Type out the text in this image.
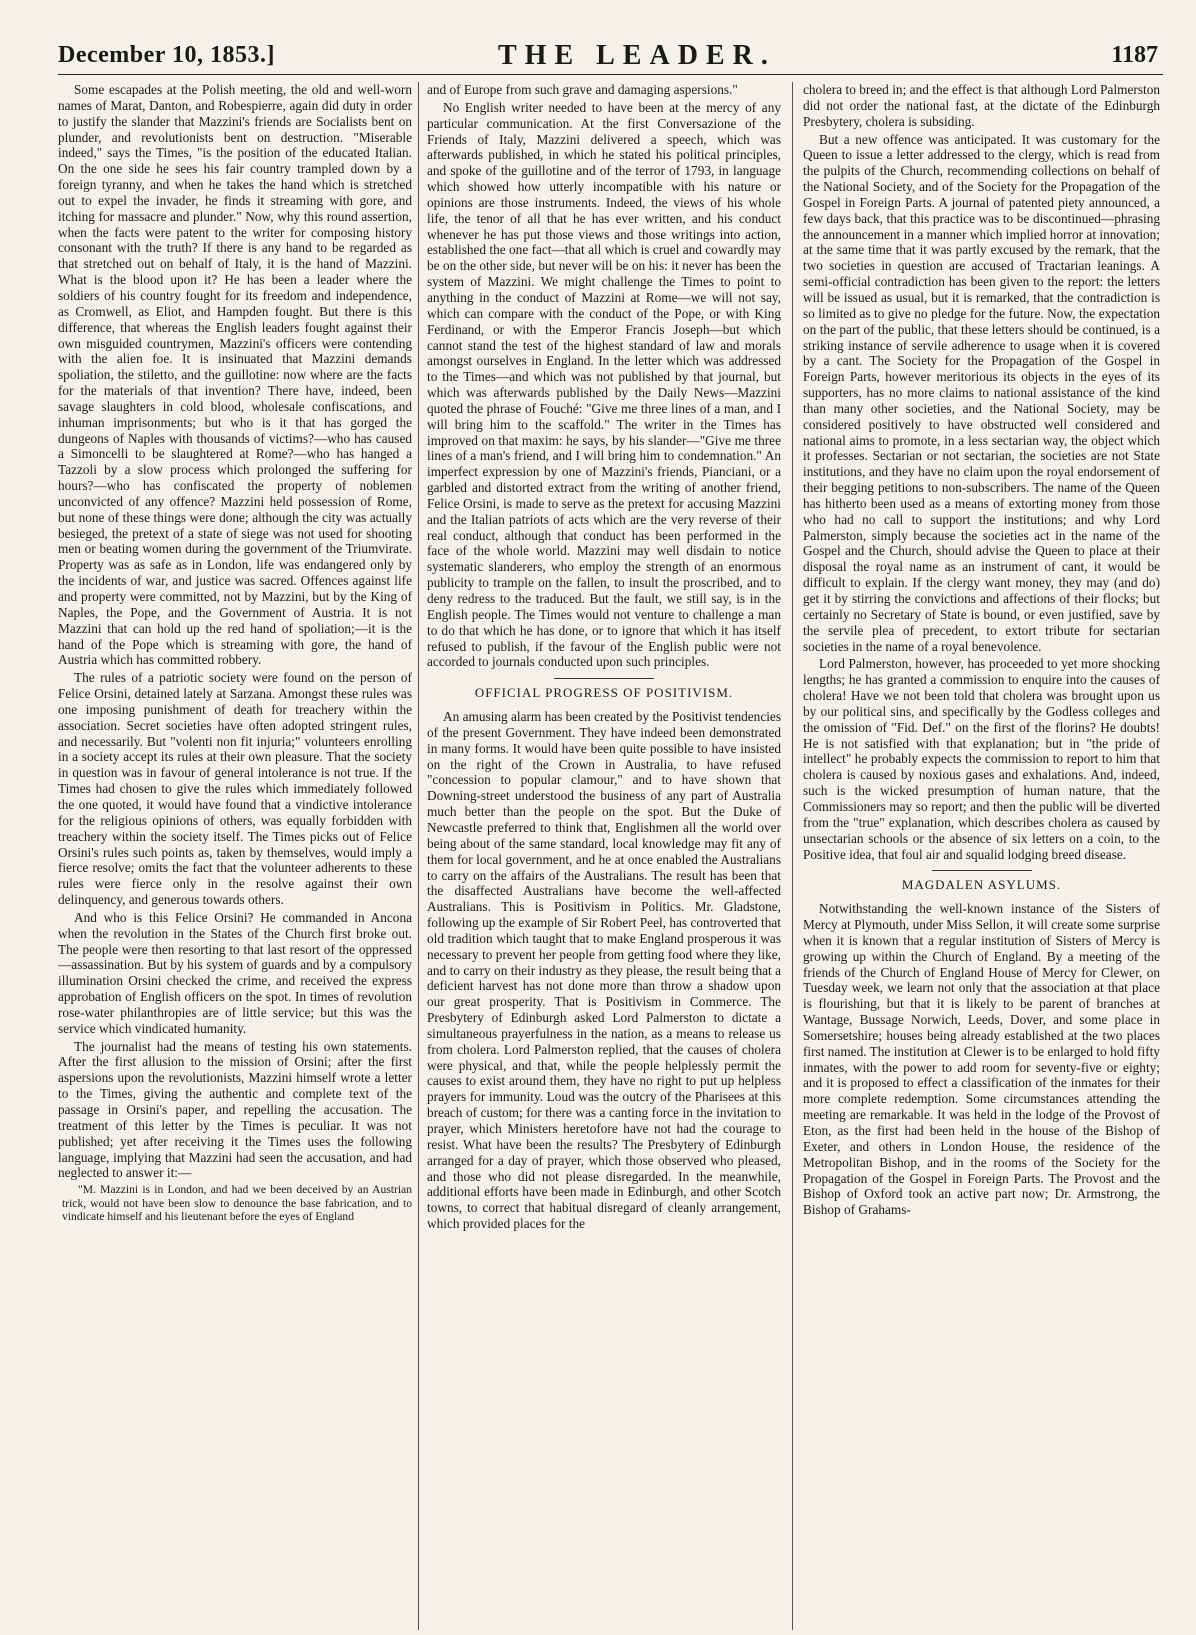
December 10, 1853.]	THE LEADER.	1187

Some escapades at the Polish meeting, the old and well-worn names of Marat, Danton, and Robespierre, again did duty in order to justify the slander that Mazzini's friends are Socialists bent on plunder, and revolutionists bent on destruction. "Miserable indeed," says the Times, "is the position of the educated Italian. On the one side he sees his fair country trampled down by a foreign tyranny, and when he takes the hand which is stretched out to expel the invader, he finds it streaming with gore, and itching for massacre and plunder." Now, why this round assertion, when the facts were patent to the writer for composing history consonant with the truth? If there is any hand to be regarded as that stretched out on behalf of Italy, it is the hand of Mazzini. What is the blood upon it? He has been a leader where the soldiers of his country fought for its freedom and independence, as Cromwell, as Eliot, and Hampden fought. But there is this difference, that whereas the English leaders fought against their own misguided countrymen, Mazzini's officers were contending with the alien foe. It is insinuated that Mazzini demands spoliation, the stiletto, and the guillotine: now where are the facts for the materials of that invention? There have, indeed, been savage slaughters in cold blood, wholesale confiscations, and inhuman imprisonments; but who is it that has gorged the dungeons of Naples with thousands of victims?—who has caused a Simoncelli to be slaughtered at Rome?—who has hanged a Tazzoli by a slow process which prolonged the suffering for hours?—who has confiscated the property of noblemen unconvicted of any offence? Mazzini held possession of Rome, but none of these things were done; although the city was actually besieged, the pretext of a state of siege was not used for shooting men or beating women during the government of the Triumvirate. Property was as safe as in London, life was endangered only by the incidents of war, and justice was sacred. Offences against life and property were committed, not by Mazzini, but by the King of Naples, the Pope, and the Government of Austria. It is not Mazzini that can hold up the red hand of spoliation;—it is the hand of the Pope which is streaming with gore, the hand of Austria which has committed robbery.

The rules of a patriotic society were found on the person of Felice Orsini, detained lately at Sarzana. Amongst these rules was one imposing punishment of death for treachery within the association. Secret societies have often adopted stringent rules, and necessarily. But "volenti non fit injuria;" volunteers enrolling in a society accept its rules at their own pleasure. That the society in question was in favour of general intolerance is not true. If the Times had chosen to give the rules which immediately followed the one quoted, it would have found that a vindictive intolerance for the religious opinions of others, was equally forbidden with treachery within the society itself. The Times picks out of Felice Orsini's rules such points as, taken by themselves, would imply a fierce resolve; omits the fact that the volunteer adherents to these rules were fierce only in the resolve against their own delinquency, and generous towards others.

And who is this Felice Orsini? He commanded in Ancona when the revolution in the States of the Church first broke out. The people were then resorting to that last resort of the oppressed—assassination. But by his system of guards and by a compulsory illumination Orsini checked the crime, and received the express approbation of English officers on the spot. In times of revolution rose-water philanthropies are of little service; but this was the service which vindicated humanity.

The journalist had the means of testing his own statements. After the first allusion to the mission of Orsini; after the first aspersions upon the revolutionists, Mazzini himself wrote a letter to the Times, giving the authentic and complete text of the passage in Orsini's paper, and repelling the accusation. The treatment of this letter by the Times is peculiar. It was not published; yet after receiving it the Times uses the following language, implying that Mazzini had seen the accusation, and had neglected to answer it:—

"M. Mazzini is in London, and had we been deceived by an Austrian trick, would not have been slow to denounce the base fabrication, and to vindicate himself and his lieutenant before the eyes of England

and of Europe from such grave and damaging aspersions."

No English writer needed to have been at the mercy of any particular communication. At the first Conversazione of the Friends of Italy, Mazzini delivered a speech, which was afterwards published, in which he stated his political principles, and spoke of the guillotine and of the terror of 1793, in language which showed how utterly incompatible with his nature or opinions are those instruments. Indeed, the views of his whole life, the tenor of all that he has ever written, and his conduct whenever he has put those views and those writings into action, established the one fact—that all which is cruel and cowardly may be on the other side, but never will be on his: it never has been the system of Mazzini. We might challenge the Times to point to anything in the conduct of Mazzini at Rome—we will not say, which can compare with the conduct of the Pope, or with King Ferdinand, or with the Emperor Francis Joseph—but which cannot stand the test of the highest standard of law and morals amongst ourselves in England. In the letter which was addressed to the Times—and which was not published by that journal, but which was afterwards published by the Daily News—Mazzini quoted the phrase of Fouché: "Give me three lines of a man, and I will bring him to the scaffold." The writer in the Times has improved on that maxim: he says, by his slander—"Give me three lines of a man's friend, and I will bring him to condemnation." An imperfect expression by one of Mazzini's friends, Pianciani, or a garbled and distorted extract from the writing of another friend, Felice Orsini, is made to serve as the pretext for accusing Mazzini and the Italian patriots of acts which are the very reverse of their real conduct, although that conduct has been performed in the face of the whole world. Mazzini may well disdain to notice systematic slanderers, who employ the strength of an enormous publicity to trample on the fallen, to insult the proscribed, and to deny redress to the traduced. But the fault, we still say, is in the English people. The Times would not venture to challenge a man to do that which he has done, or to ignore that which it has itself refused to publish, if the favour of the English public were not accorded to journals conducted upon such principles.

OFFICIAL PROGRESS OF POSITIVISM.

An amusing alarm has been created by the Positivist tendencies of the present Government. They have indeed been demonstrated in many forms. It would have been quite possible to have insisted on the right of the Crown in Australia, to have refused "concession to popular clamour," and to have shown that Downing-street understood the business of any part of Australia much better than the people on the spot. But the Duke of Newcastle preferred to think that, Englishmen all the world over being about of the same standard, local knowledge may fit any of them for local government, and he at once enabled the Australians to carry on the affairs of the Australians. The result has been that the disaffected Australians have become the well-affected Australians. This is Positivism in Politics. Mr. Gladstone, following up the example of Sir Robert Peel, has controverted that old tradition which taught that to make England prosperous it was necessary to prevent her people from getting food where they like, and to carry on their industry as they please, the result being that a deficient harvest has not done more than throw a shadow upon our great prosperity. That is Positivism in Commerce. The Presbytery of Edinburgh asked Lord Palmerston to dictate a simultaneous prayerfulness in the nation, as a means to release us from cholera. Lord Palmerston replied, that the causes of cholera were physical, and that, while the people helplessly permit the causes to exist around them, they have no right to put up helpless prayers for immunity. Loud was the outcry of the Pharisees at this breach of custom; for there was a canting force in the invitation to prayer, which Ministers heretofore have not had the courage to resist. What have been the results? The Presbytery of Edinburgh arranged for a day of prayer, which those observed who pleased, and those who did not please disregarded. In the meanwhile, additional efforts have been made in Edinburgh, and other Scotch towns, to correct that habitual disregard of cleanly arrangement, which provided places for the

cholera to breed in; and the effect is that although Lord Palmerston did not order the national fast, at the dictate of the Edinburgh Presbytery, cholera is subsiding.

But a new offence was anticipated. It was customary for the Queen to issue a letter addressed to the clergy, which is read from the pulpits of the Church, recommending collections on behalf of the National Society, and of the Society for the Propagation of the Gospel in Foreign Parts. A journal of patented piety announced, a few days back, that this practice was to be discontinued—phrasing the announcement in a manner which implied horror at innovation; at the same time that it was partly excused by the remark, that the two societies in question are accused of Tractarian leanings. A semi-official contradiction has been given to the report: the letters will be issued as usual, but it is remarked, that the contradiction is so limited as to give no pledge for the future. Now, the expectation on the part of the public, that these letters should be continued, is a striking instance of servile adherence to usage when it is covered by a cant. The Society for the Propagation of the Gospel in Foreign Parts, however meritorious its objects in the eyes of its supporters, has no more claims to national assistance of the kind than many other societies, and the National Society, may be considered positively to have obstructed well considered and national aims to promote, in a less sectarian way, the object which it professes. Sectarian or not sectarian, the societies are not State institutions, and they have no claim upon the royal endorsement of their begging petitions to non-subscribers. The name of the Queen has hitherto been used as a means of extorting money from those who had no call to support the institutions; and why Lord Palmerston, simply because the societies act in the name of the Gospel and the Church, should advise the Queen to place at their disposal the royal name as an instrument of cant, it would be difficult to explain. If the clergy want money, they may (and do) get it by stirring the convictions and affections of their flocks; but certainly no Secretary of State is bound, or even justified, save by the servile plea of precedent, to extort tribute for sectarian societies in the name of a royal benevolence.

Lord Palmerston, however, has proceeded to yet more shocking lengths; he has granted a commission to enquire into the causes of cholera! Have we not been told that cholera was brought upon us by our political sins, and specifically by the Godless colleges and the omission of "Fid. Def." on the first of the florins? He doubts! He is not satisfied with that explanation; but in "the pride of intellect" he probably expects the commission to report to him that cholera is caused by noxious gases and exhalations. And, indeed, such is the wicked presumption of human nature, that the Commissioners may so report; and then the public will be diverted from the "true" explanation, which describes cholera as caused by unsectarian schools or the absence of six letters on a coin, to the Positive idea, that foul air and squalid lodging breed disease.

MAGDALEN ASYLUMS.

Notwithstanding the well-known instance of the Sisters of Mercy at Plymouth, under Miss Sellon, it will create some surprise when it is known that a regular institution of Sisters of Mercy is growing up within the Church of England. By a meeting of the friends of the Church of England House of Mercy for Clewer, on Tuesday week, we learn not only that the association at that place is flourishing, but that it is likely to be parent of branches at Wantage, Bussage Norwich, Leeds, Dover, and some place in Somersetshire; houses being already established at the two places first named. The institution at Clewer is to be enlarged to hold fifty inmates, with the power to add room for seventy-five or eighty; and it is proposed to effect a classification of the inmates for their more complete redemption. Some circumstances attending the meeting are remarkable. It was held in the lodge of the Provost of Eton, as the first had been held in the house of the Bishop of Exeter, and others in London House, the residence of the Metropolitan Bishop, and in the rooms of the Society for the Propagation of the Gospel in Foreign Parts. The Provost and the Bishop of Oxford took an active part now; Dr. Armstrong, the Bishop of Grahams-
